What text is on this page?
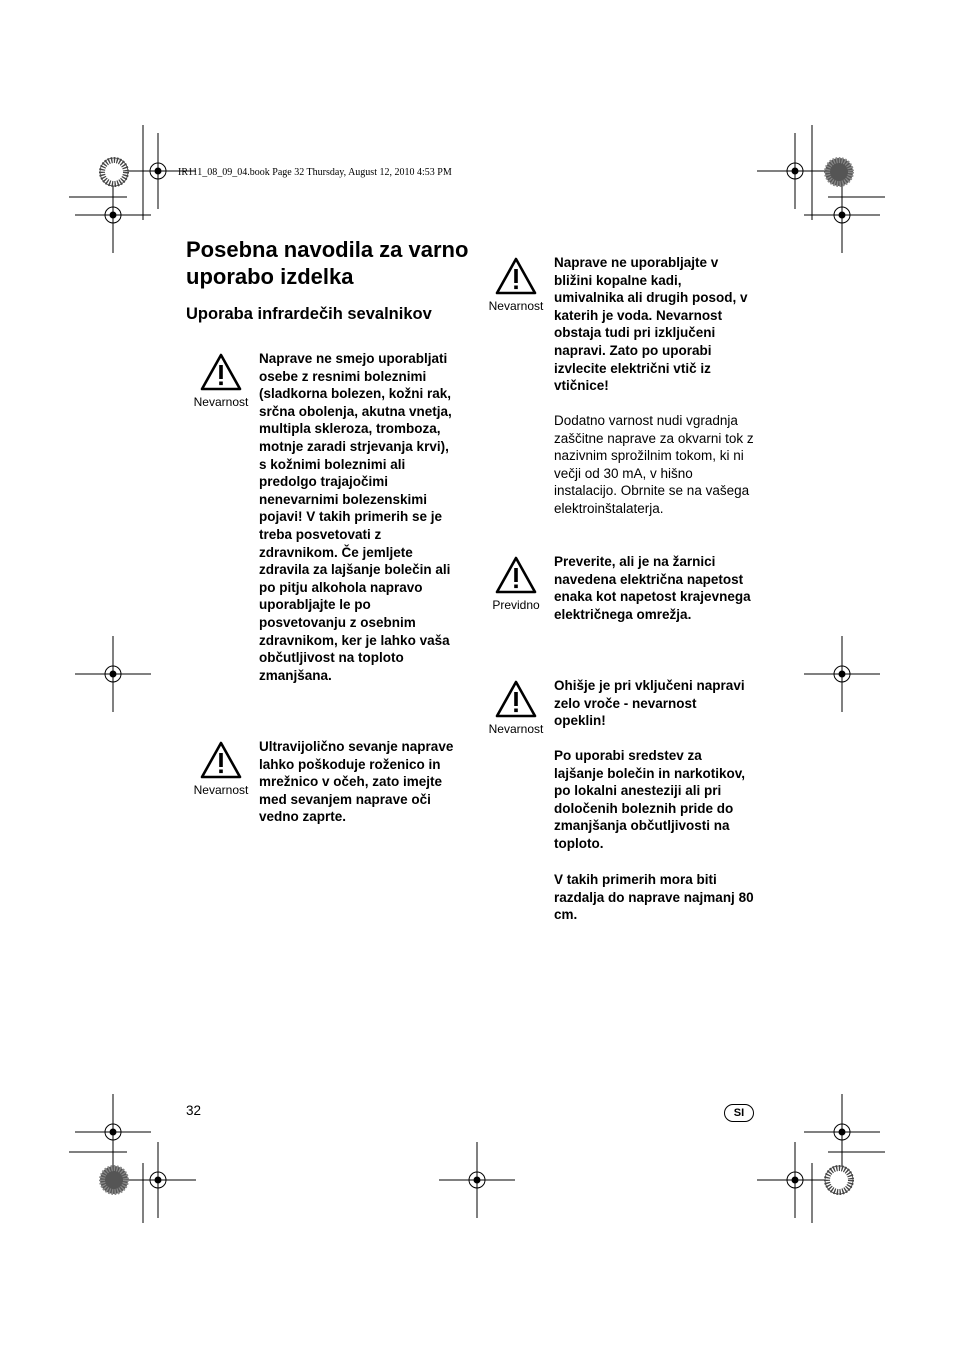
IR111_08_09_04.book Page 32 Thursday, August 12, 2010 4:53 PM
Posebna navodila za varno uporabo izdelka
Uporaba infrardečih sevalnikov
Nevarnost

Naprave ne smejo uporabljati osebe z resnimi boleznimi (sladkorna bolezen, kožni rak, srčna obolenja, akutna vnetja, multipla skleroza, tromboza, motnje zaradi strjevanja krvi), s kožnimi boleznimi ali predolgo trajajočimi nenevarnimi bolezenskimi pojavi! V takih primerih se je treba posvetovati z zdravnikom. Če jemljete zdravila za lajšanje bolečin ali po pitju alkohola napravo uporabljajte le po posvetovanju z osebnim zdravnikom, ker je lahko vaša občutljivost na toploto zmanjšana.

Nevarnost

Ultravijolično sevanje naprave lahko poškoduje roženico in mrežnico v očeh, zato imejte med sevanjem naprave oči vedno zaprte.

Nevarnost

Naprave ne uporabljajte v bližini kopalne kadi, umivalnika ali drugih posod, v katerih je voda. Nevarnost obstaja tudi pri izključeni napravi. Zato po uporabi izvlecite električni vtič iz vtičnice!

Dodatno varnost nudi vgradnja zaščitne naprave za okvarni tok z nazivnim sprožilnim tokom, ki ni večji od 30 mA, v hišno instalacijo. Obrnite se na vašega elektroinštalaterja.

Previdno

Preverite, ali je na žarnici navedena električna napetost enaka kot napetost krajevnega električnega omrežja.

Nevarnost

Ohišje je pri vključeni napravi zelo vroče - nevarnost opeklin!

Po uporabi sredstev za lajšanje bolečin in narkotikov, po lokalni anesteziji ali pri določenih boleznih pride do zmanjšanja občutljivosti na toploto.

V takih primerih mora biti razdalja do naprave najmanj 80 cm.

32	SI
